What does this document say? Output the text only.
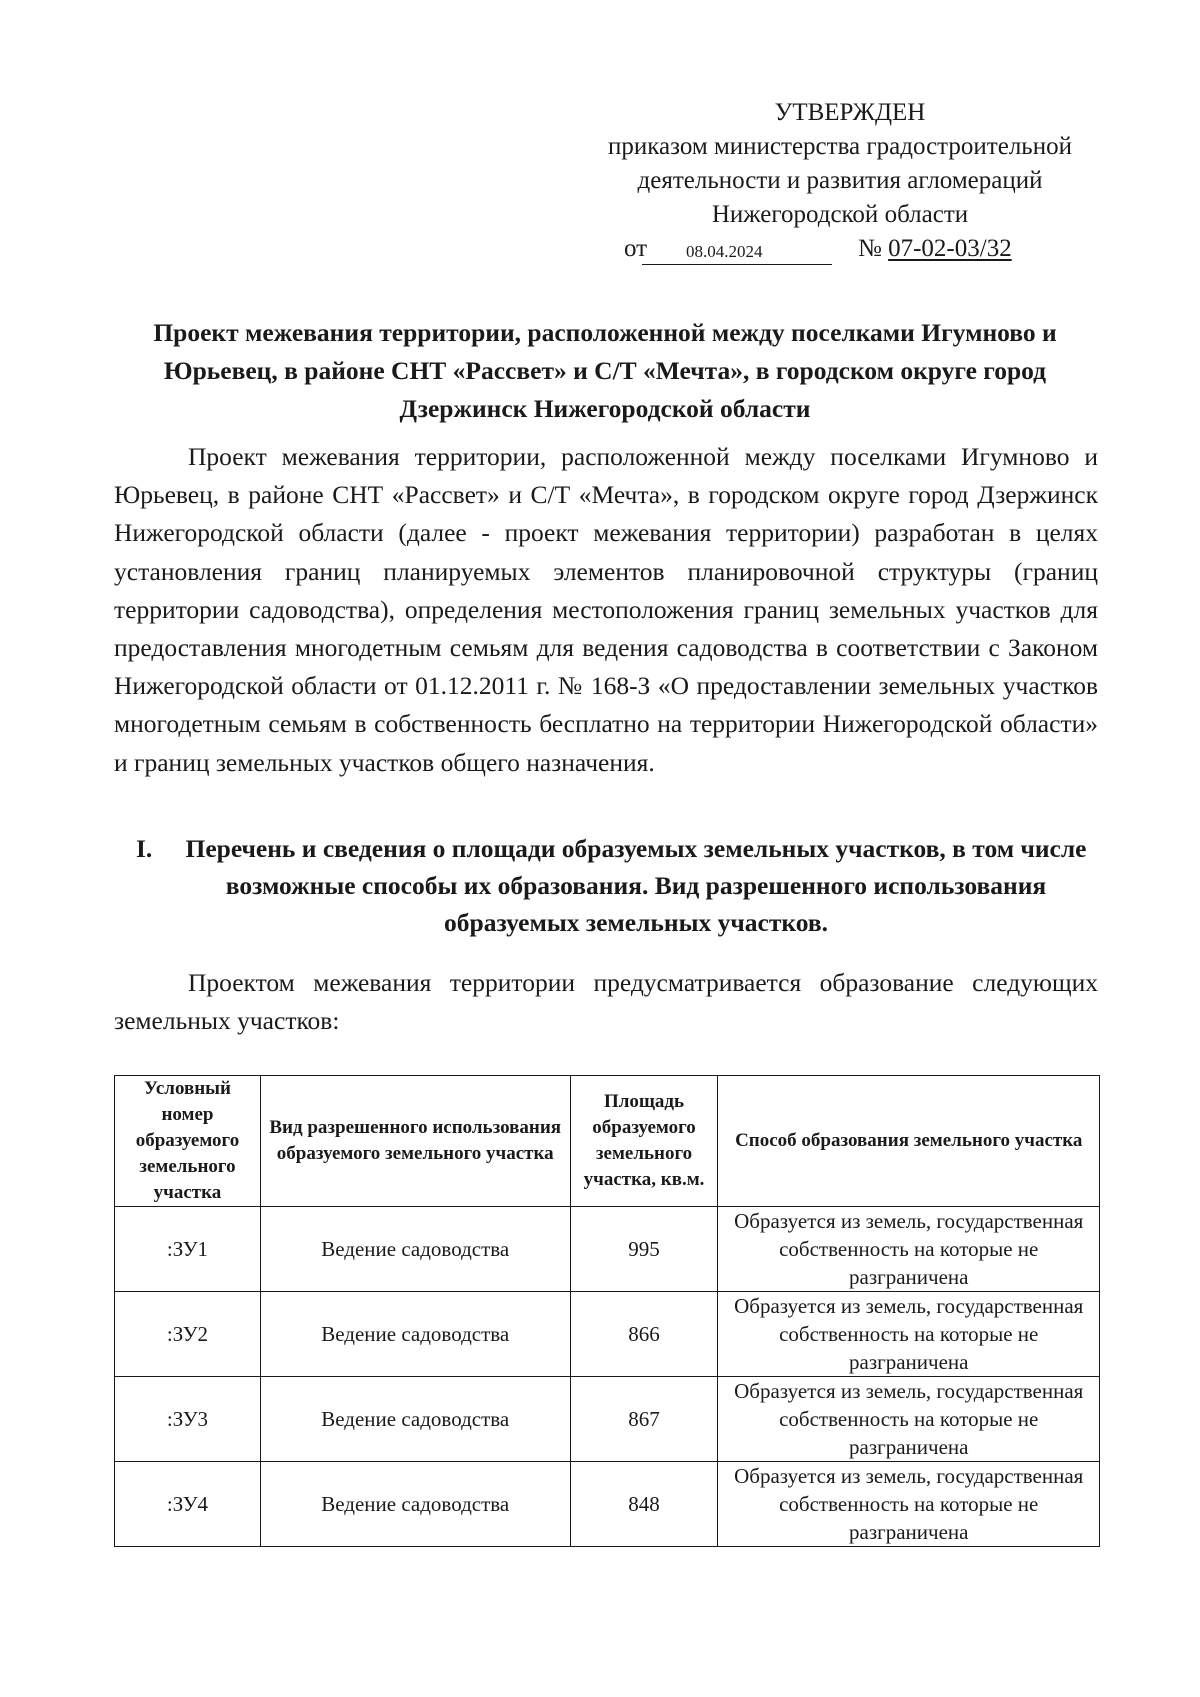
УТВЕРЖДЕН
приказом министерства градостроительной
деятельности и развития агломераций
Нижегородской области
от	08.04.2024	№ 07-02-03/32
Проект межевания территории, расположенной между поселками Игумново и Юрьевец, в районе СНТ «Рассвет» и С/Т «Мечта», в городском округе город Дзержинск Нижегородской области
Проект межевания территории, расположенной между поселками Игумново и Юрьевец, в районе СНТ «Рассвет» и С/Т «Мечта», в городском округе город Дзержинск Нижегородской области (далее - проект межевания территории) разработан в целях установления границ планируемых элементов планировочной структуры (границ территории садоводства), определения местоположения границ земельных участков для предоставления многодетным семьям для ведения садоводства в соответствии с Законом Нижегородской области от 01.12.2011 г. № 168-З «О предоставлении земельных участков многодетным семьям в собственность бесплатно на территории Нижегородской области» и границ земельных участков общего назначения.
I.	Перечень и сведения о площади образуемых земельных участков, в том числе возможные способы их образования. Вид разрешенного использования образуемых земельных участков.
Проектом межевания территории предусматривается образование следующих земельных участков:
Условный номер образуемого земельного участка	Вид разрешенного использования образуемого земельного участка	Площадь образуемого земельного участка, кв.м.	Способ образования земельного участка
:ЗУ1	Ведение садоводства	995	Образуется из земель, государственная собственность на которые не разграничена
:ЗУ2	Ведение садоводства	866	Образуется из земель, государственная собственность на которые не разграничена
:ЗУ3	Ведение садоводства	867	Образуется из земель, государственная собственность на которые не разграничена
:ЗУ4	Ведение садоводства	848	Образуется из земель, государственная собственность на которые не разграничена
